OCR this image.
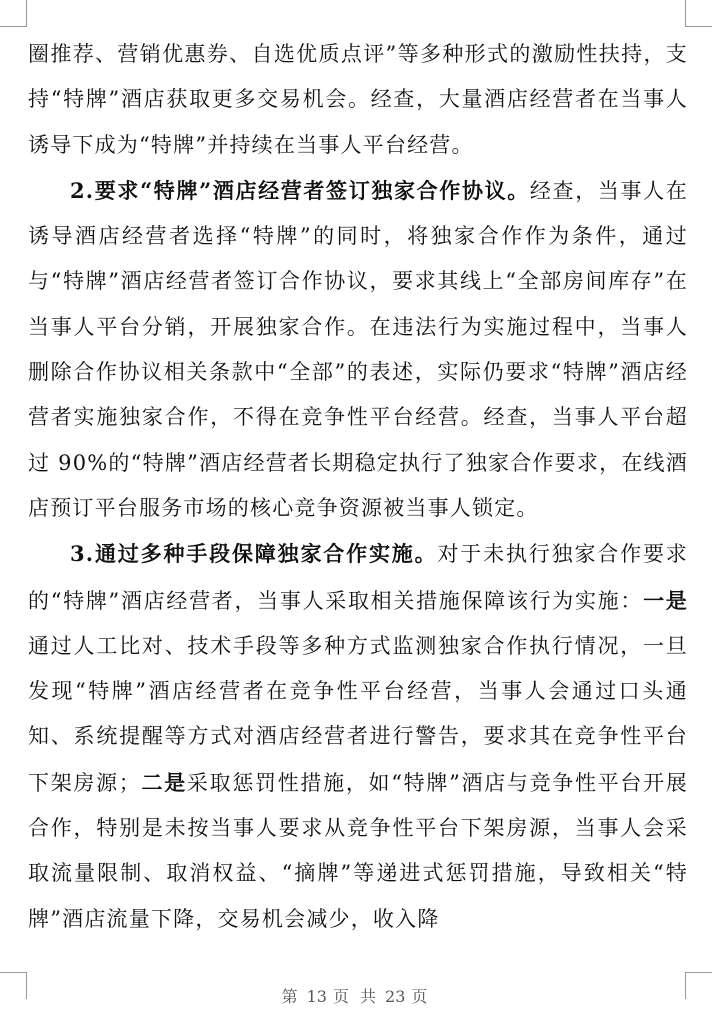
圈推荐、营销优惠券、自选优质点评”等多种形式的激励性扶持，支持“特牌”酒店获取更多交易机会。经查，大量酒店经营者在当事人诱导下成为“特牌”并持续在当事人平台经营。

2.要求“特牌”酒店经营者签订独家合作协议。经查，当事人在诱导酒店经营者选择“特牌”的同时，将独家合作作为条件，通过与“特牌”酒店经营者签订合作协议，要求其线上“全部房间库存”在当事人平台分销，开展独家合作。在违法行为实施过程中，当事人删除合作协议相关条款中“全部”的表述，实际仍要求“特牌”酒店经营者实施独家合作，不得在竞争性平台经营。经查，当事人平台超过 90%的“特牌”酒店经营者长期稳定执行了独家合作要求，在线酒店预订平台服务市场的核心竞争资源被当事人锁定。

3.通过多种手段保障独家合作实施。对于未执行独家合作要求的“特牌”酒店经营者，当事人采取相关措施保障该行为实施：一是通过人工比对、技术手段等多种方式监测独家合作执行情况，一旦发现“特牌”酒店经营者在竞争性平台经营，当事人会通过口头通知、系统提醒等方式对酒店经营者进行警告，要求其在竞争性平台下架房源；二是采取惩罚性措施，如“特牌”酒店与竞争性平台开展合作，特别是未按当事人要求从竞争性平台下架房源，当事人会采取流量限制、取消权益、“摘牌”等递进式惩罚措施，导致相关“特牌”酒店流量下降，交易机会减少，收入降

第 13 页 共 23 页
